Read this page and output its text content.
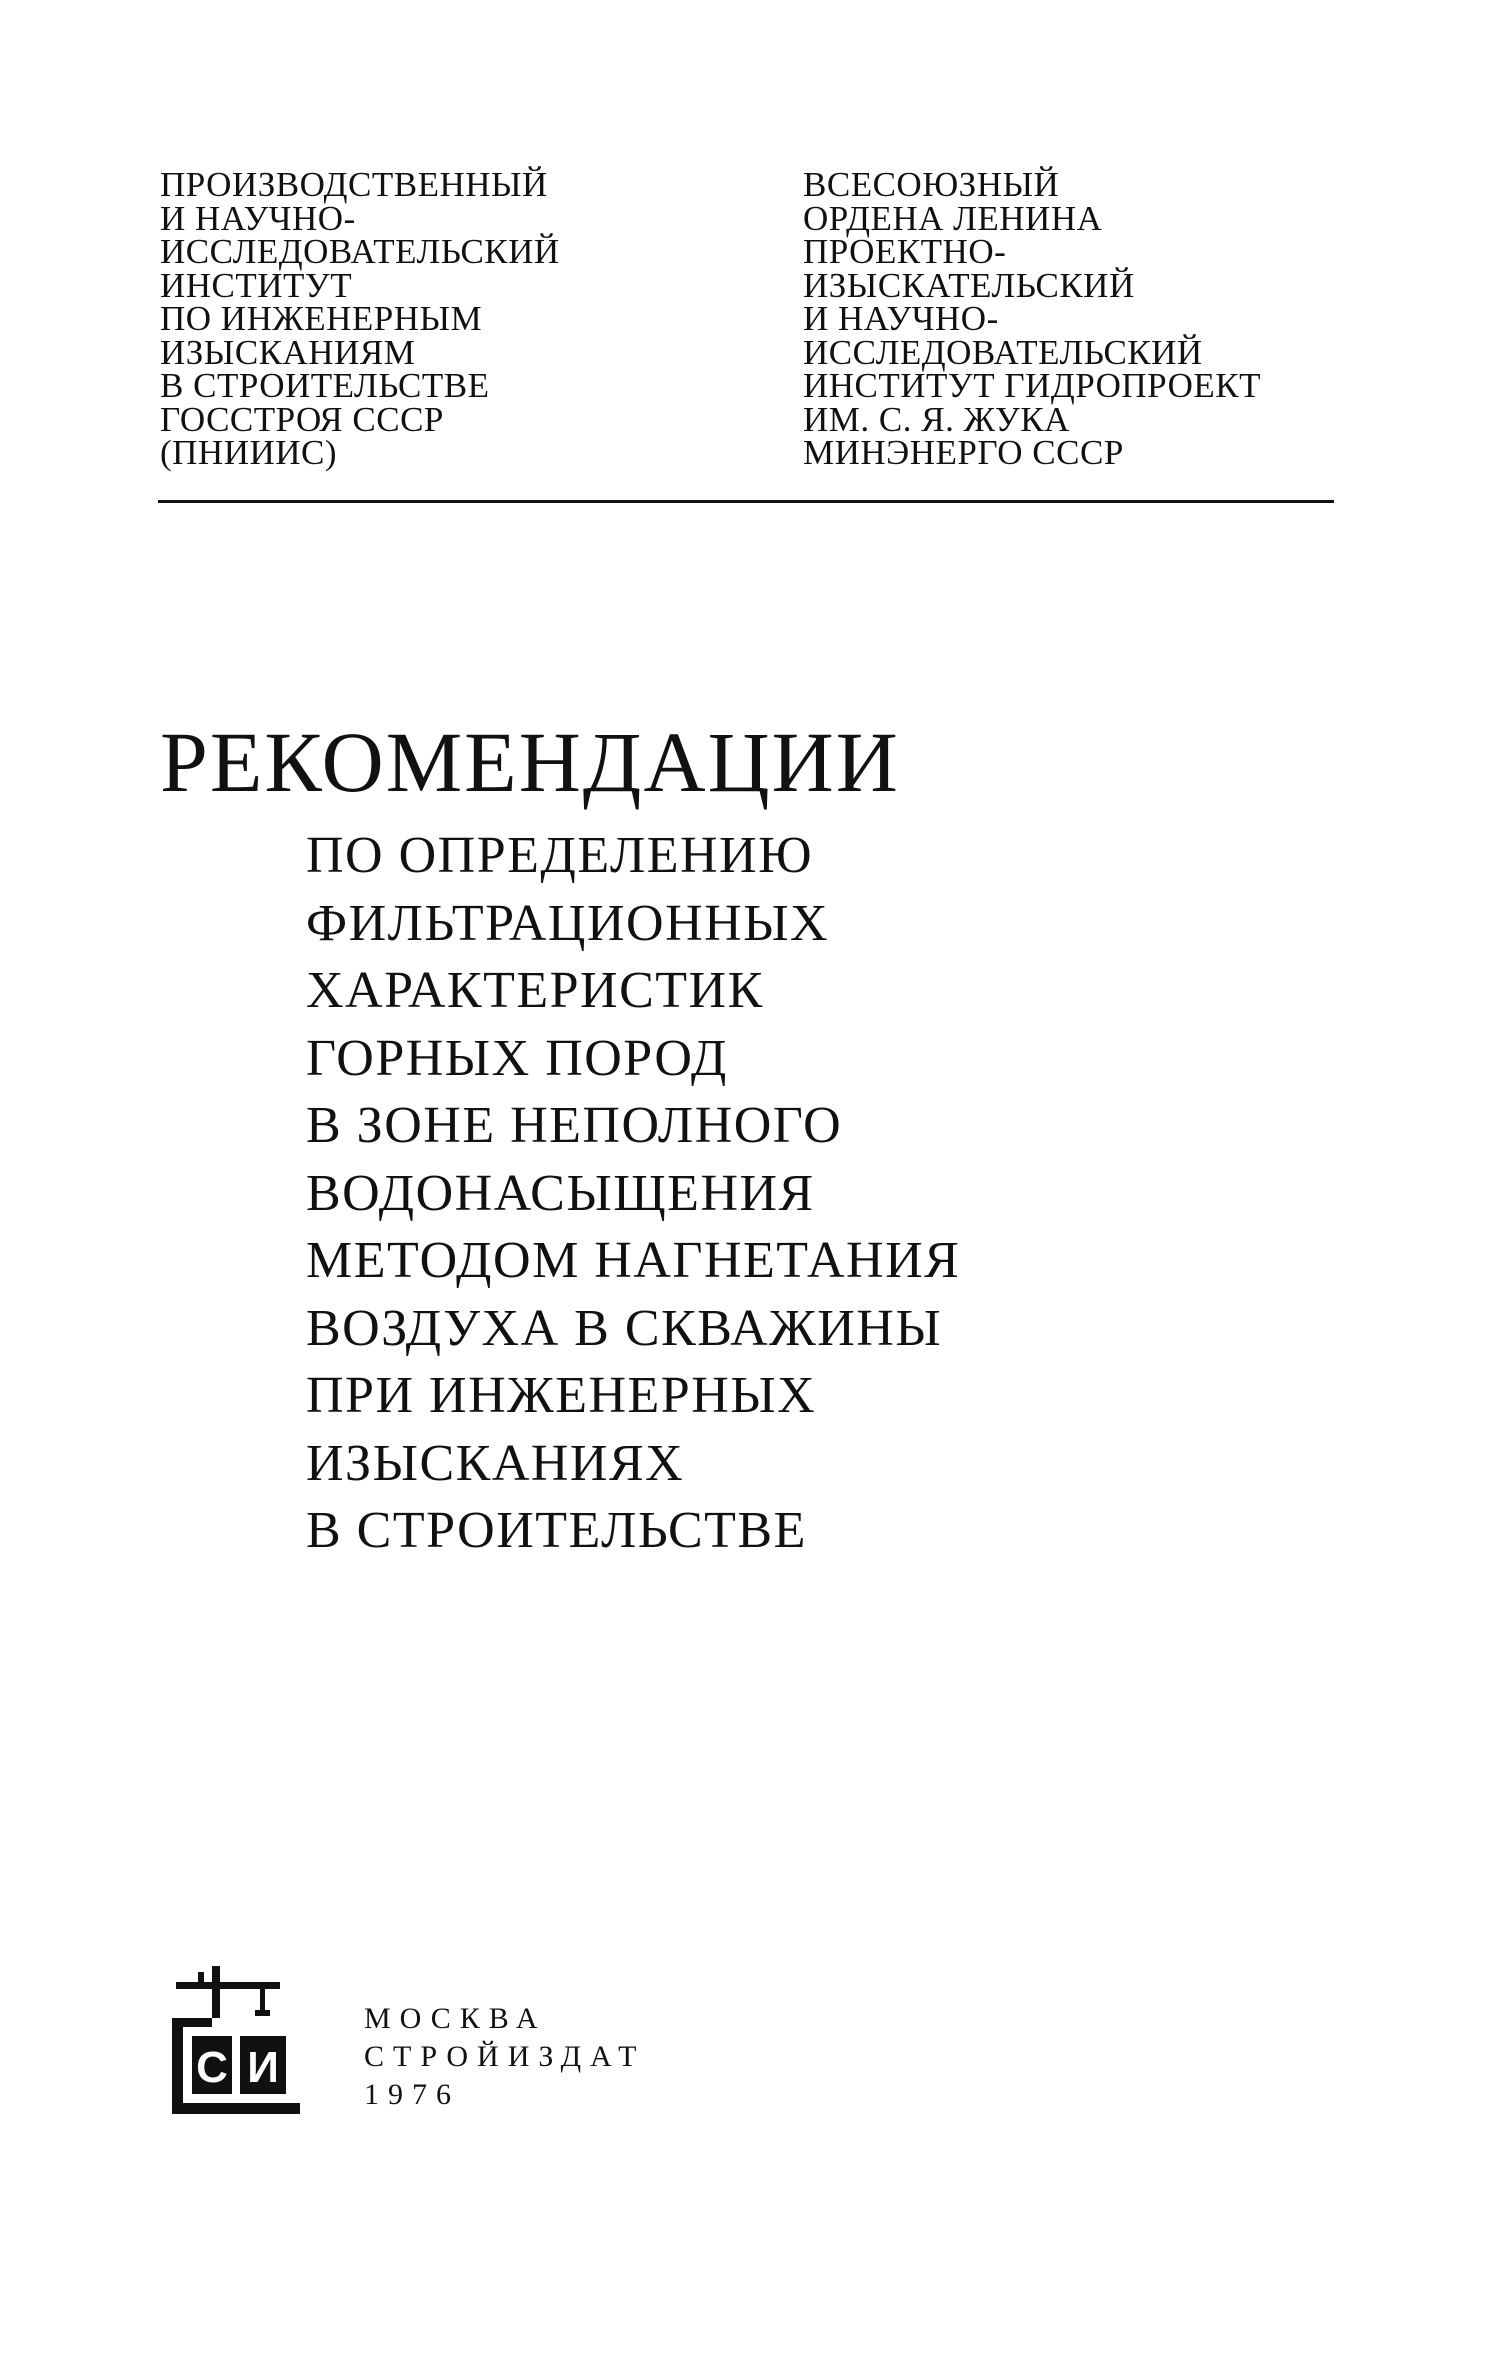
ПРОИЗВОДСТВЕННЫЙ
И НАУЧНО-
ИССЛЕДОВАТЕЛЬСКИЙ
ИНСТИТУТ
ПО ИНЖЕНЕРНЫМ
ИЗЫСКАНИЯМ
В СТРОИТЕЛЬСТВЕ
ГОССТРОЯ СССР
(ПНИИИС)
ВСЕСОЮЗНЫЙ
ОРДЕНА ЛЕНИНА
ПРОЕКТНО-
ИЗЫСКАТЕЛЬСКИЙ
И НАУЧНО-
ИССЛЕДОВАТЕЛЬСКИЙ
ИНСТИТУТ ГИДРОПРОЕКТ
ИМ. С. Я. ЖУКА
МИНЭНЕРГО СССР
РЕКОМЕНДАЦИИ
ПО ОПРЕДЕЛЕНИЮ
ФИЛЬТРАЦИОННЫХ
ХАРАКТЕРИСТИК
ГОРНЫХ ПОРОД
В ЗОНЕ НЕПОЛНОГО
ВОДОНАСЫЩЕНИЯ
МЕТОДОМ НАГНЕТАНИЯ
ВОЗДУХА В СКВАЖИНЫ
ПРИ ИНЖЕНЕРНЫХ
ИЗЫСКАНИЯХ
В СТРОИТЕЛЬСТВЕ
С И
МОСКВА
СТРОЙИЗДАТ
1976
